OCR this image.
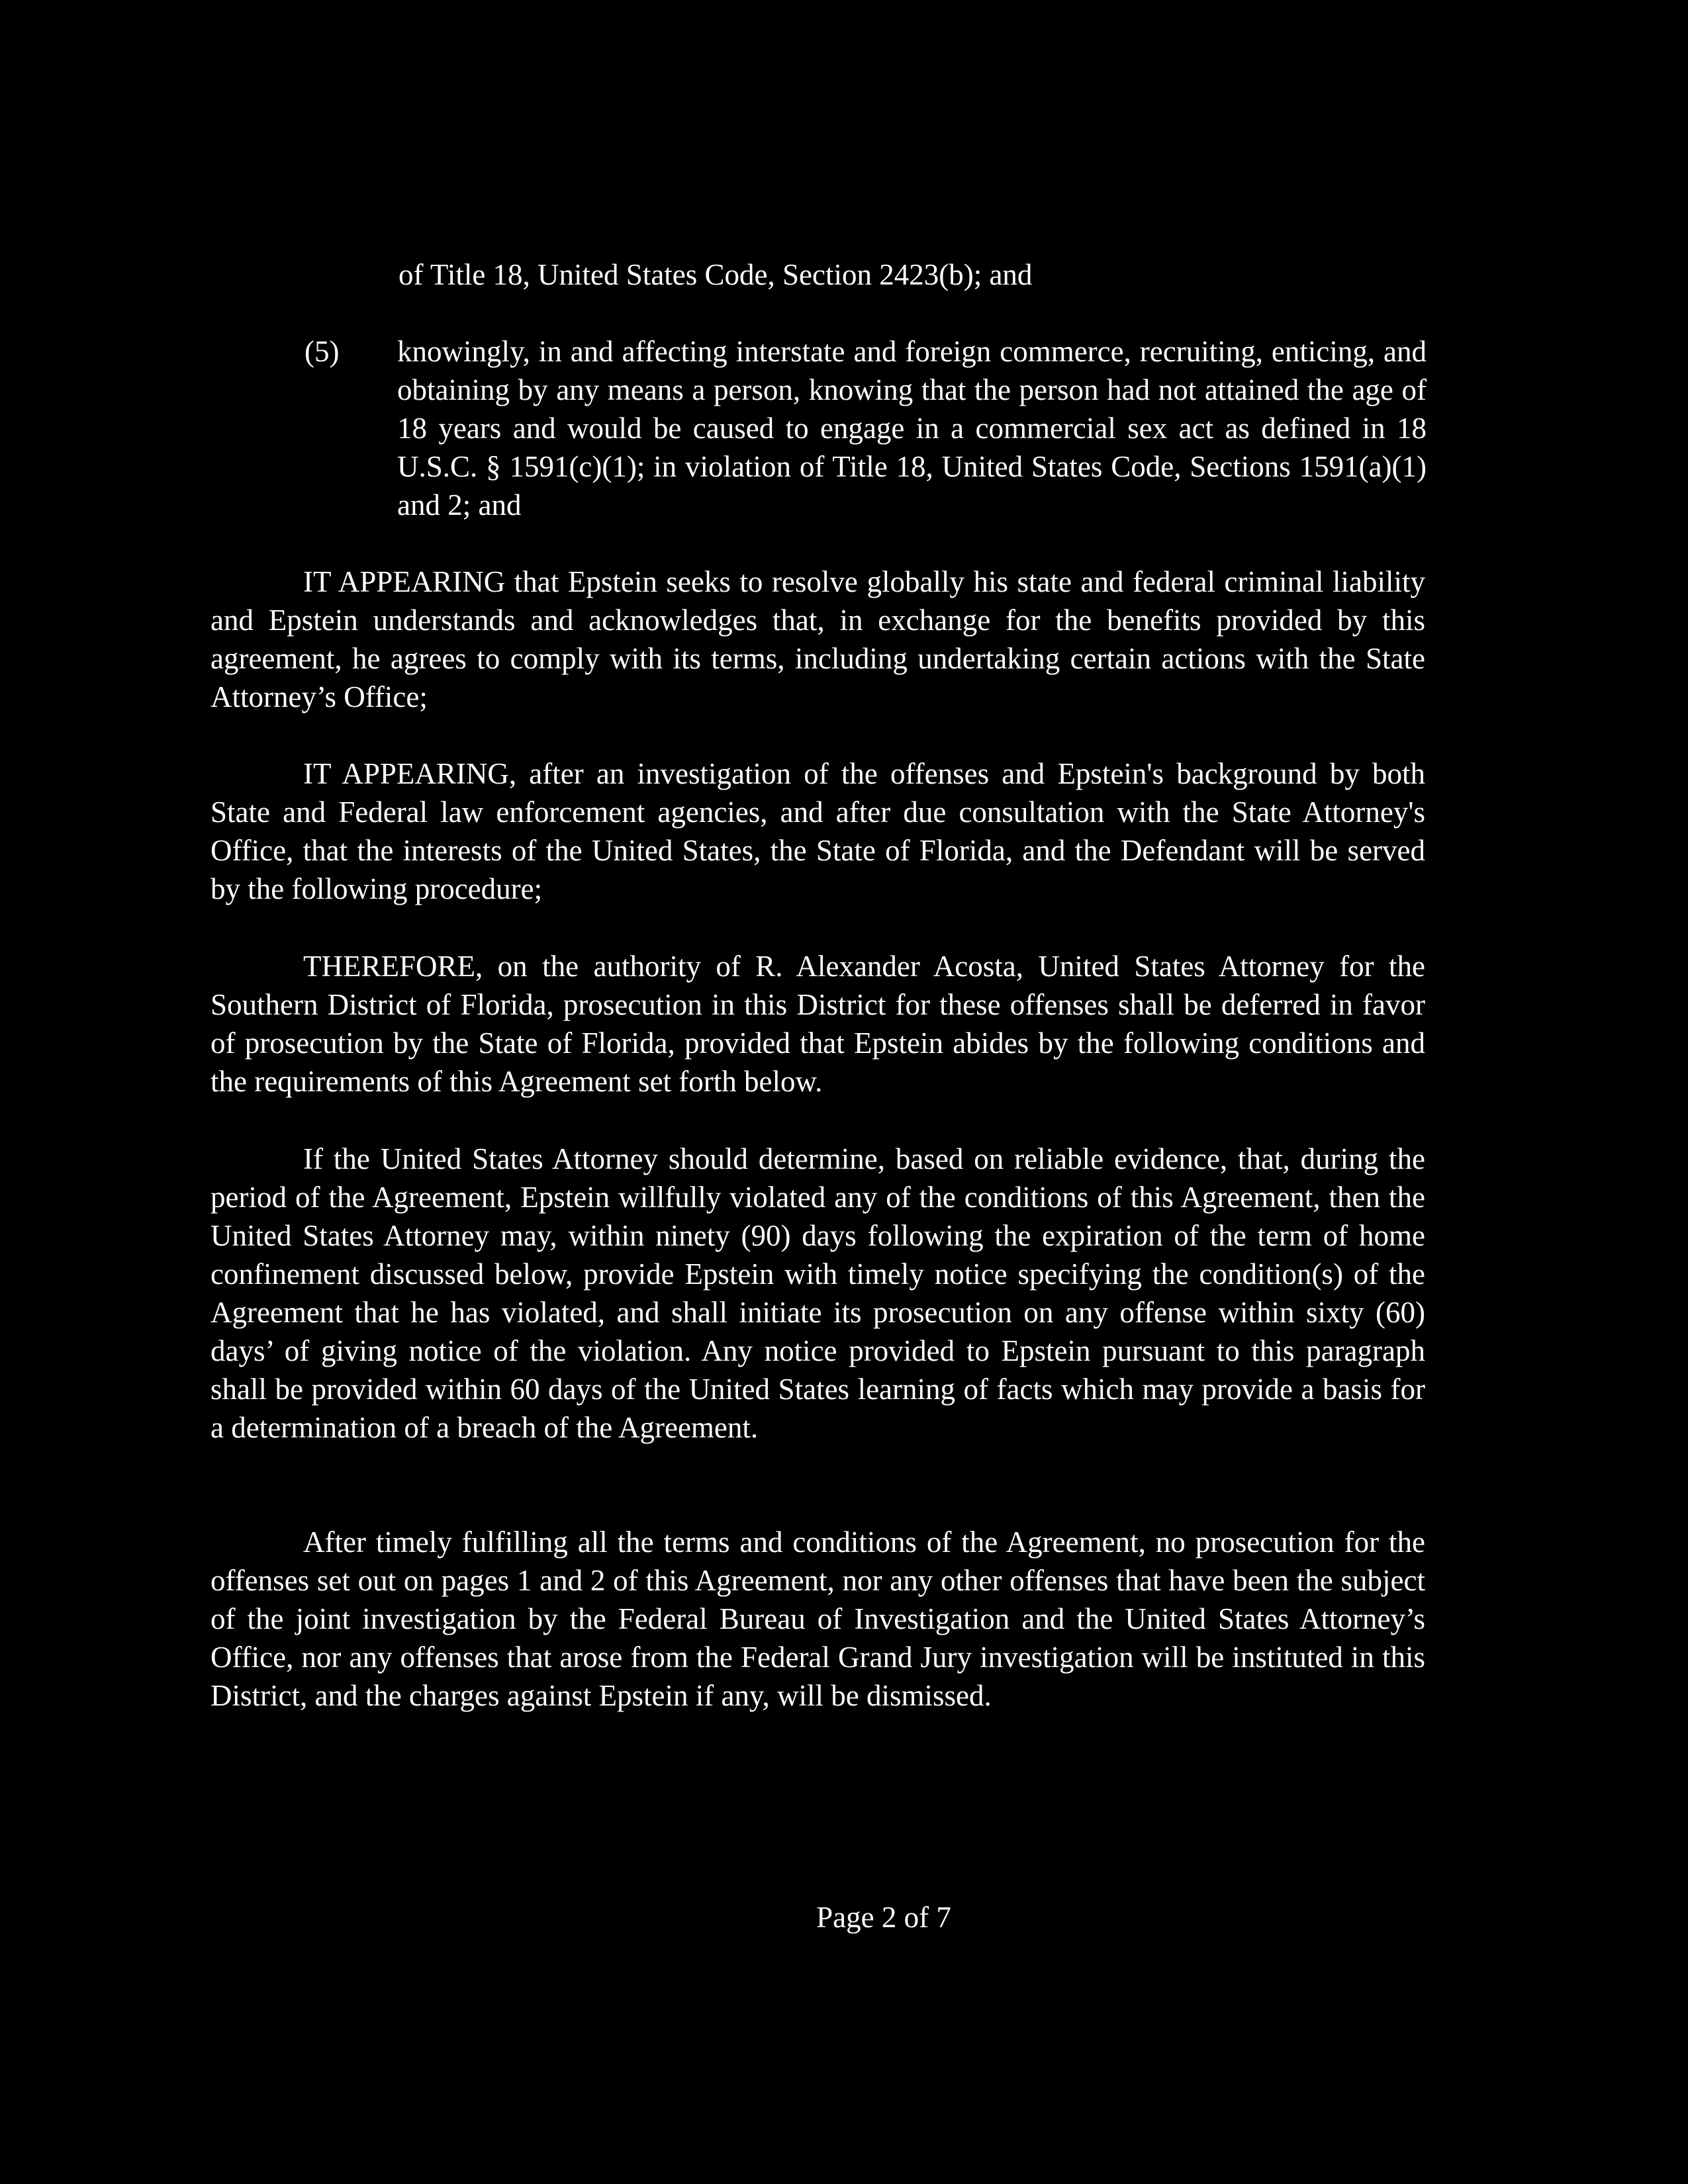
of Title 18, United States Code, Section 2423(b); and
(5) knowingly, in and affecting interstate and foreign commerce, recruiting, enticing, and obtaining by any means a person, knowing that the person had not attained the age of 18 years and would be caused to engage in a commercial sex act as defined in 18 U.S.C. § 1591(c)(1); in violation of Title 18, United States Code, Sections 1591(a)(1) and 2; and

IT APPEARING that Epstein seeks to resolve globally his state and federal criminal liability and Epstein understands and acknowledges that, in exchange for the benefits provided by this agreement, he agrees to comply with its terms, including undertaking certain actions with the State Attorney’s Office;

IT APPEARING, after an investigation of the offenses and Epstein's background by both State and Federal law enforcement agencies, and after due consultation with the State Attorney's Office, that the interests of the United States, the State of Florida, and the Defendant will be served by the following procedure;

THEREFORE, on the authority of R. Alexander Acosta, United States Attorney for the Southern District of Florida, prosecution in this District for these offenses shall be deferred in favor of prosecution by the State of Florida, provided that Epstein abides by the following conditions and the requirements of this Agreement set forth below.

If the United States Attorney should determine, based on reliable evidence, that, during the period of the Agreement, Epstein willfully violated any of the conditions of this Agreement, then the United States Attorney may, within ninety (90) days following the expiration of the term of home confinement discussed below, provide Epstein with timely notice specifying the condition(s) of the Agreement that he has violated, and shall initiate its prosecution on any offense within sixty (60) days’ of giving notice of the violation. Any notice provided to Epstein pursuant to this paragraph shall be provided within 60 days of the United States learning of facts which may provide a basis for a determination of a breach of the Agreement.

After timely fulfilling all the terms and conditions of the Agreement, no prosecution for the offenses set out on pages 1 and 2 of this Agreement, nor any other offenses that have been the subject of the joint investigation by the Federal Bureau of Investigation and the United States Attorney’s Office, nor any offenses that arose from the Federal Grand Jury investigation will be instituted in this District, and the charges against Epstein if any, will be dismissed.

Page 2 of 7
